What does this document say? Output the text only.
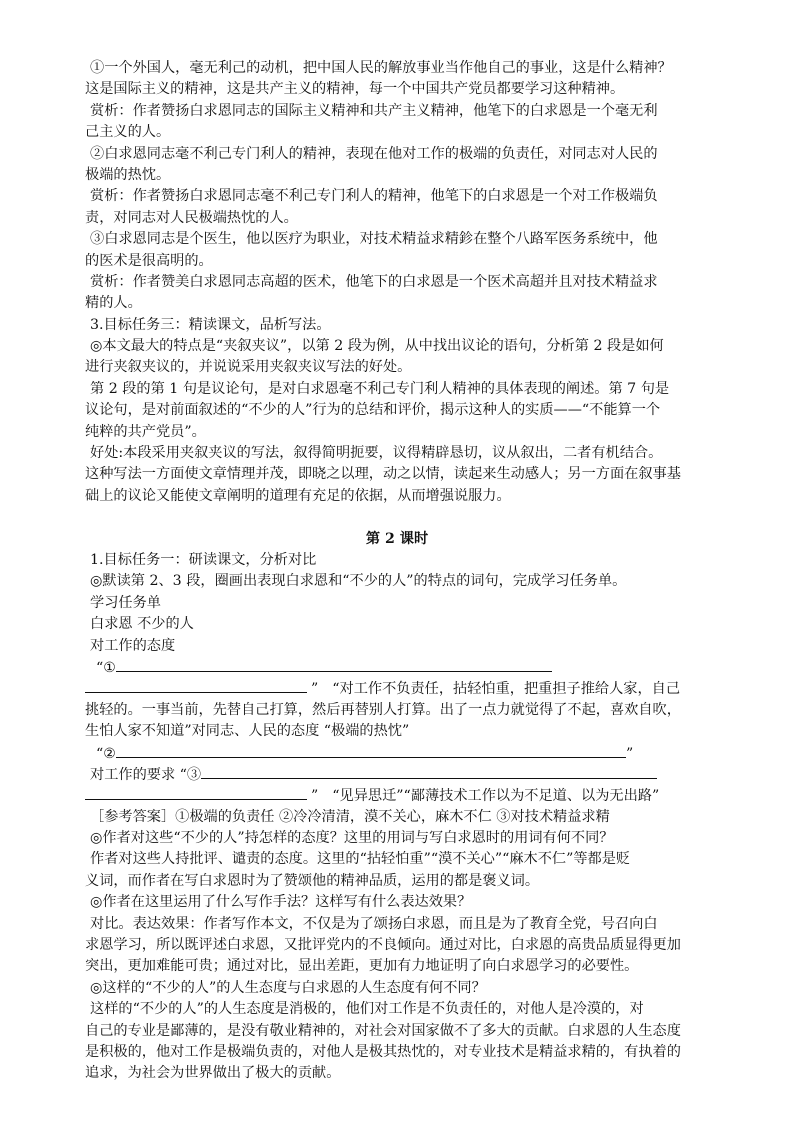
①一个外国人，毫无利己的动机，把中国人民的解放事业当作他自己的事业，这是什么精神？
这是国际主义的精神，这是共产主义的精神，每一个中国共产党员都要学习这种精神。
赏析：作者赞扬白求恩同志的国际主义精神和共产主义精神，他笔下的白求恩是一个毫无利
己主义的人。
②白求恩同志毫不利己专门利人的精神，表现在他对工作的极端的负责任，对同志对人民的
极端的热忱。
赏析：作者赞扬白求恩同志毫不利己专门利人的精神，他笔下的白求恩是一个对工作极端负
责，对同志对人民极端热忱的人。
③白求恩同志是个医生，他以医疗为职业，对技术精益求精鉁在整个八路军医务系统中，他
的医术是很高明的。
赏析：作者赞美白求恩同志高超的医术，他笔下的白求恩是一个医术高超并且对技术精益求
精的人。
3.目标任务三：精读课文，品析写法。
◎本文最大的特点是“夹叙夹议”，以第 2 段为例，从中找出议论的语句，分析第 2 段是如何
进行夹叙夹议的，并说说采用夹叙夹议写法的好处。
第 2 段的第 1 句是议论句，是对白求恩毫不利己专门利人精神的具体表现的阐述。第 7 句是
议论句，是对前面叙述的“不少的人”行为的总结和评价，揭示这种人的实质——“不能算一个
纯粹的共产党员”。
好处:本段采用夹叙夹议的写法，叙得简明扼要，议得精辟恳切，议从叙出，二者有机结合。
这种写法一方面使文章情理并茂，即晓之以理，动之以情，读起来生动感人；另一方面在叙事基
础上的议论又能使文章阐明的道理有充足的依据，从而增强说服力。
第 2 课时
1.目标任务一：研读课文，分析对比
◎默读第 2、3 段，圈画出表现白求恩和“不少的人”的特点的词句，完成学习任务单。
学习任务单
白求恩 不少的人
对工作的态度
“①
” “对工作不负责任，拈轻怕重，把重担子推给人家，自己
挑轻的。一事当前，先替自己打算，然后再替别人打算。出了一点力就觉得了不起，喜欢自吹，
生怕人家不知道”对同志、人民的态度 “极端的热忱”
“②	”
对工作的要求 “③
” “见异思迁”“鄙薄技术工作以为不足道、以为无出路”
［参考答案］①极端的负责任 ②冷冷清清，漠不关心，麻木不仁 ③对技术精益求精
◎作者对这些“不少的人”持怎样的态度？这里的用词与写白求恩时的用词有何不同？
作者对这些人持批评、谴责的态度。这里的“拈轻怕重”“漠不关心”“麻木不仁”等都是贬
义词，而作者在写白求恩时为了赞颂他的精神品质，运用的都是褒义词。
◎作者在这里运用了什么写作手法？这样写有什么表达效果？
对比。表达效果：作者写作本文，不仅是为了颂扬白求恩，而且是为了教育全党，号召向白
求恩学习，所以既评述白求恩，又批评党内的不良倾向。通过对比，白求恩的高贵品质显得更加
突出，更加难能可贵；通过对比，显出差距，更加有力地证明了向白求恩学习的必要性。
◎这样的“不少的人”的人生态度与白求恩的人生态度有何不同？
这样的“不少的人”的人生态度是消极的，他们对工作是不负责任的，对他人是冷漠的，对
自己的专业是鄙薄的，是没有敬业精神的，对社会对国家做不了多大的贡献。白求恩的人生态度
是积极的，他对工作是极端负责的，对他人是极其热忱的，对专业技术是精益求精的，有执着的
追求，为社会为世界做出了极大的贡献。
